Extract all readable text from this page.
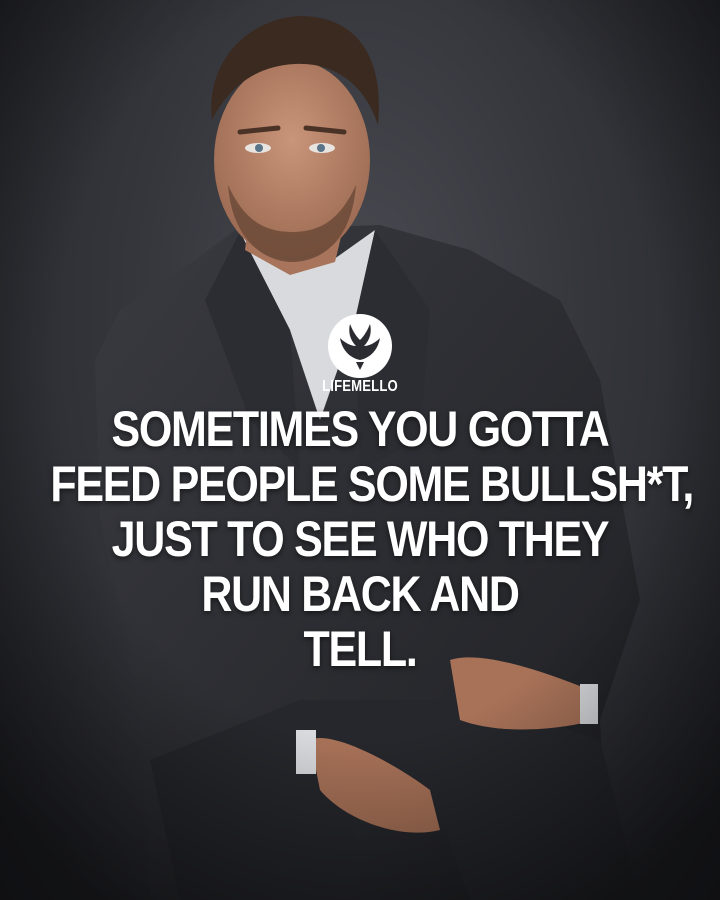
LIFEMELLO
SOMETIMES YOU GOTTA
FEED PEOPLE SOME BULLSH*T,
JUST TO SEE WHO THEY
RUN BACK AND
TELL.
